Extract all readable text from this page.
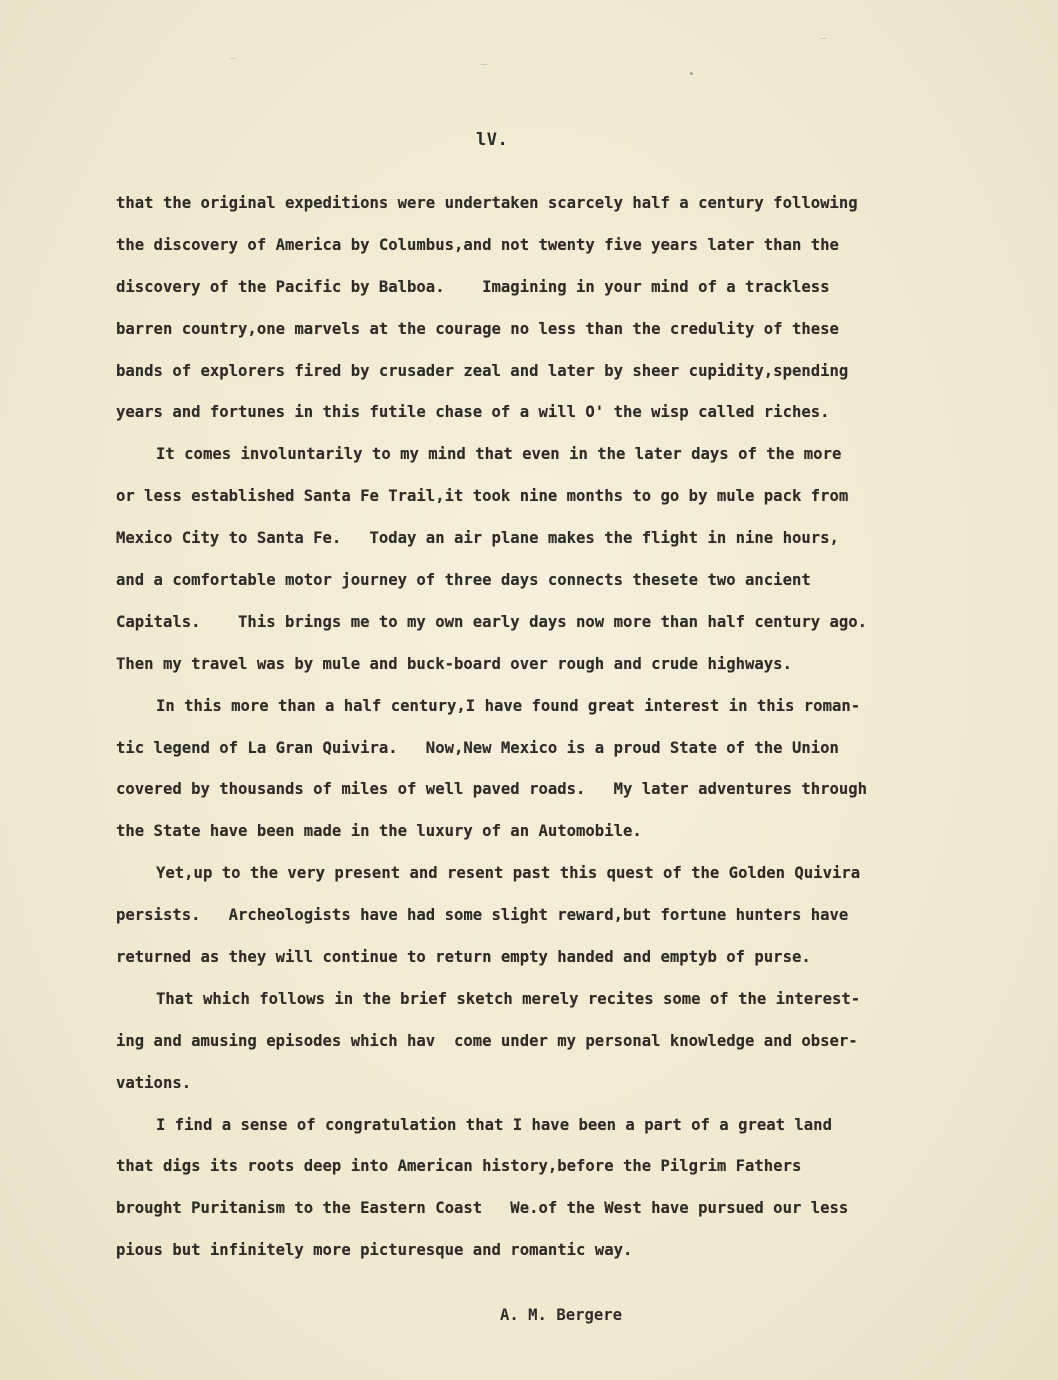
lV.
that the original expeditions were undertaken scarcely half a century following
the discovery of America by Columbus,and not twenty five years later than the
discovery of the Pacific by Balboa.    Imagining in your mind of a trackless
barren country,one marvels at the courage no less than the credulity of these
bands of explorers fired by crusader zeal and later by sheer cupidity,spending
years and fortunes in this futile chase of a will O' the wisp called riches.
It comes involuntarily to my mind that even in the later days of the more
or less established Santa Fe Trail,it took nine months to go by mule pack from
Mexico City to Santa Fe.   Today an air plane makes the flight in nine hours,
and a comfortable motor journey of three days connects thesete two ancient
Capitals.    This brings me to my own early days now more than half century ago.
Then my travel was by mule and buck-board over rough and crude highways.
In this more than a half century,I have found great interest in this roman-
tic legend of La Gran Quivira.   Now,New Mexico is a proud State of the Union
covered by thousands of miles of well paved roads.   My later adventures through
the State have been made in the luxury of an Automobile.
Yet,up to the very present and resent past this quest of the Golden Quivira
persists.   Archeologists have had some slight reward,but fortune hunters have
returned as they will continue to return empty handed and emptyb of purse.
That which follows in the brief sketch merely recites some of the interest-
ing and amusing episodes which hav  come under my personal knowledge and obser-
vations.
I find a sense of congratulation that I have been a part of a great land
that digs its roots deep into American history,before the Pilgrim Fathers
brought Puritanism to the Eastern Coast   We.of the West have pursued our less
pious but infinitely more picturesque and romantic way.
A. M. Bergere
